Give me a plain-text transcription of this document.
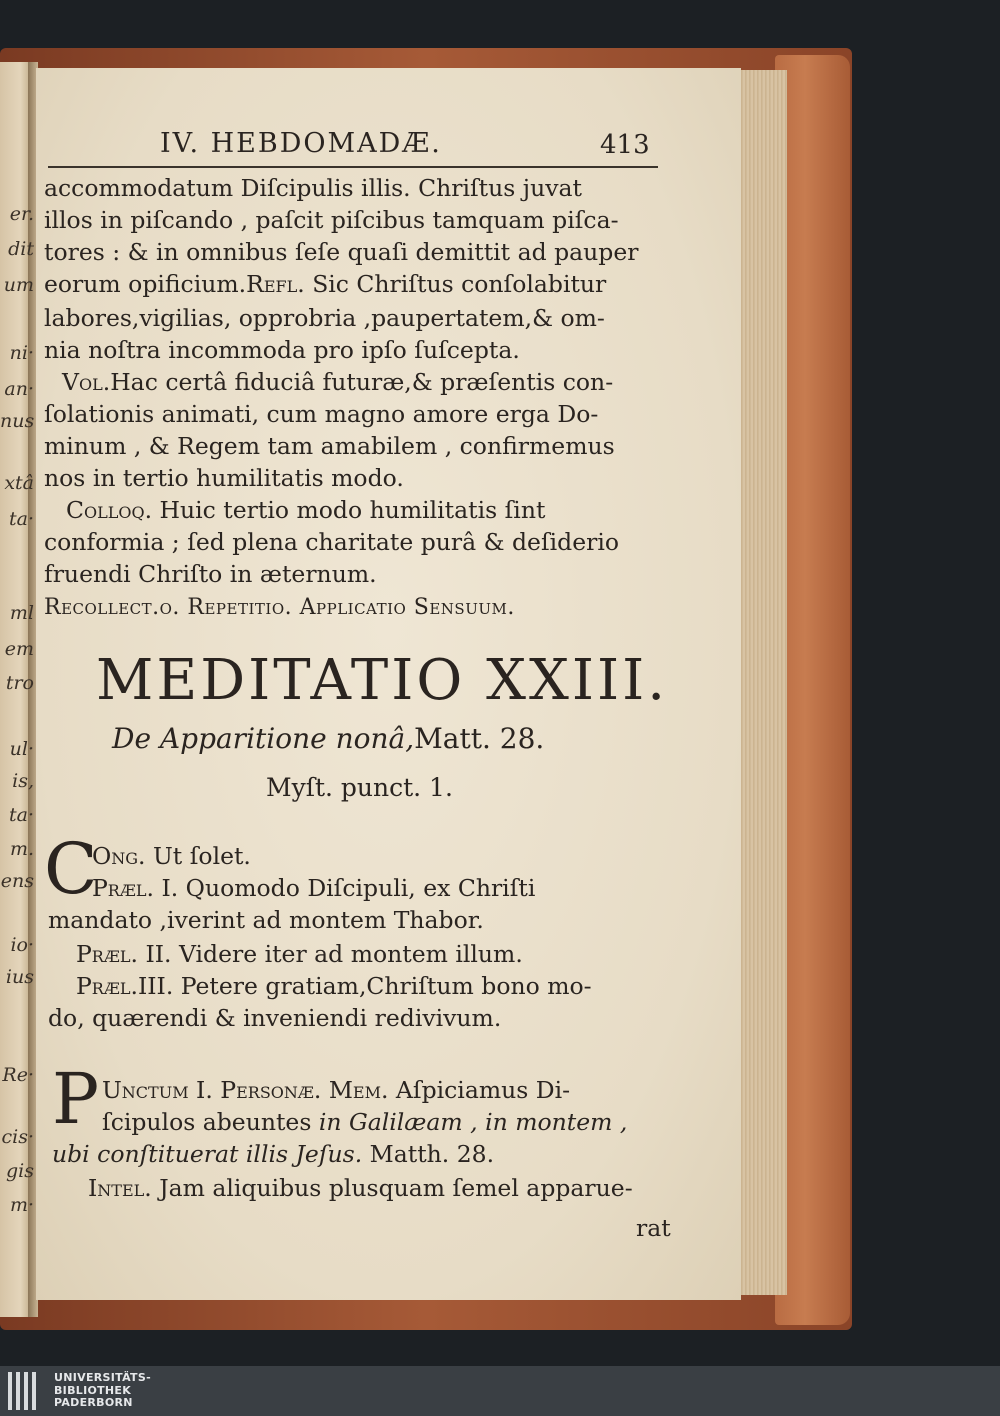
IV. HEBDOMADÆ.	413

accommodatum Diſcipulis illis. Chriſtus juvat

illos in piſcando , paſcit piſcibus tamquam piſca-

tores : & in omnibus ſeſe quaſi demittit ad pauper

eorum opificium.Refl. Sic Chriſtus conſolabitur

labores,vigilias, opprobria ,paupertatem,& om-

nia noſtra incommoda pro ipſo ſuſcepta.

Vol.Hac certâ fiduciâ futuræ,& præſentis con-

ſolationis animati, cum magno amore erga Do-

minum , & Regem tam amabilem , confirmemus

nos in tertio humilitatis modo.

Colloq. Huic tertio modo humilitatis ſint

conformia ; ſed plena charitate purâ & deſiderio

fruendi Chriſto in æternum.

Recollect.o. Repetitio. Applicatio Sensuum.

MEDITATIO XXIII.

De Apparitione nonâ,Matt. 28.

Myſt. punct. 1.

C

Ong. Ut ſolet.

Præl. I. Quomodo Diſcipuli, ex Chriſti

mandato ,iverint ad montem Thabor.

Præl. II. Videre iter ad montem illum.

Præl.III. Petere gratiam,Chriſtum bono mo-

do, quærendi & inveniendi redivivum.

P Unctum I. Personæ. Mem. Aſpiciamus Di-

ſcipulos abeuntes in Galilæam , in montem ,

ubi conſtituerat illis Jeſus. Matth. 28.

Intel. Jam aliquibus plusquam ſemel apparue-

rat

er.
dit
um
ni·
an·
nus
xtâ
ta·
ml
em
tro
ul·
is,
ta·
m.
ens
io·
ius
Re·
cis·
gis
m·
UNIVERSITÄTS-
BIBLIOTHEK
PADERBORN
